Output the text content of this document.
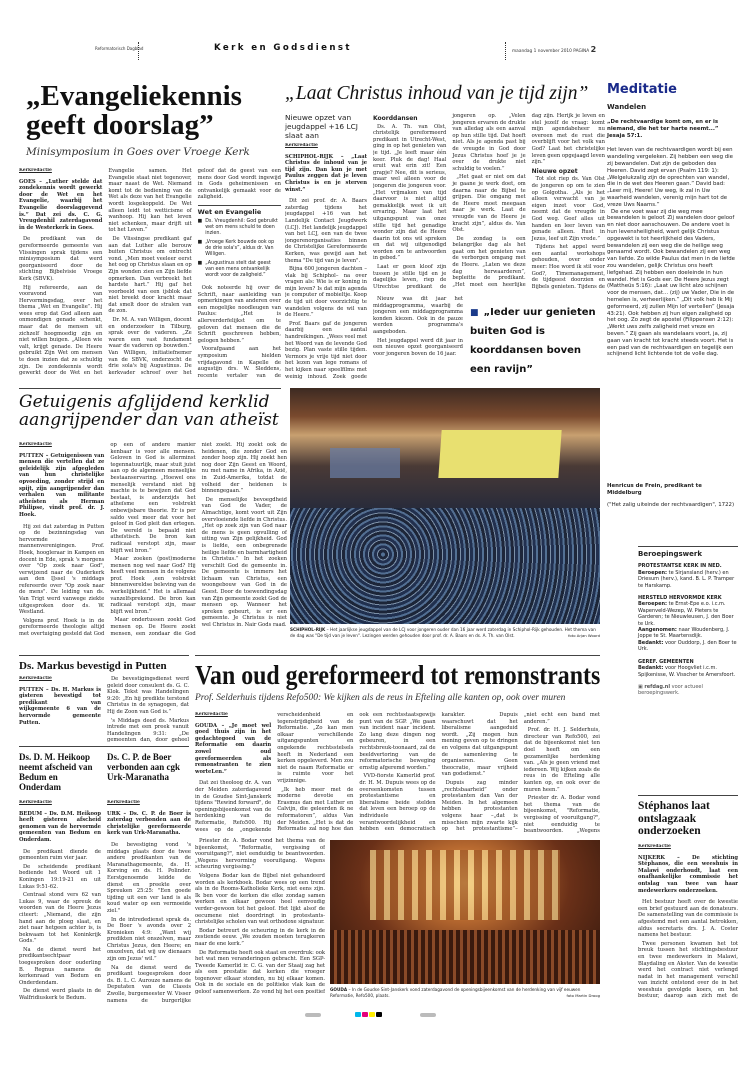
Reformatorisch Dagblad	Kerk en Godsdienst	maandag 1 november 2010 PAGINA 2
„Evangeliekennis geeft doorslag”
Minisymposium in Goes over Vroege Kerk
Kerkredactie

GOES – „Luther stelde dat zondekennis wordt gewerkt door de Wet en het Evangelie, waarbij het Evangelie doorslaggevend is.” Dat zei ds. C. G. Vreugdenhil zaterdagavond in de Westerkerk in Goes.

De predikant van de gereformeerde gemeente van Vlissingen sprak tijdens een minisymposium dat werd georganiseerd door de stichting Bijbelvisie Vroege Kerk (SBVK).

Hij refereerde, aan de vooravond van Hervormingsdag, over het thema „Wet en Evangelie”. Hij wees erop dat God alleen aan onmondigen genade schenkt, maar dat de mensen uit zichzelf hoogmoedig zijn en niet willen buigen. „Alleen wie valt, krijgt genade. De Heere gebruikt Zijn Wet om mensen te doen inzien dat ze schuldig zijn. De zondekennis wordt gewerkt door de Wet en het Evangelie samen. Het Evangelie staat niet tegenover, maar naast de Wet. Niemand komt tot de bediening van de Wet als deze van het Evangelie wordt losgekoppeld. De Wet alleen leidt tot wetticisme of wanhoop. Hij kan het leven niet schenken, maar drijft uit tot het Leven.”

De Vlissingse predikant gaf aan dat Luther alle berouw buiten Christus om ontrecht vond. „Men moet veeleer eerst het oog op Christus slaan en op Zijn wonden zien en Zijn liefde opmerken. Dan verbreekt het hardste hart.” Hij gaf het voorbeeld van een ijsblok dat niet breekt door kracht maar dat smelt door de stralen van de zon.

Dr. M. A. van Willigen, docent en onderzoeker in Tilburg, sprak over de vaderen. „Ze waren een vast fundament waar de vaderen op bouwden.” Van Willigen, initiatiefnemer van de SBVK, onderzocht de drie sola's bij Augustinus. De kerkvader schreef over het geloof dat de geest van een mens door God wordt ingewijd in Gods geheimenissen en ontvankelijk gemaakt voor de zaligheid.

Wet en Evangelie
■ Ds. Vreugdenhil: God gebruikt wet om mens schuld te doen inzien.
■ „Vroege Kerk bouwde ook op de drie sola's”, aldus dr. Van Willigen.
■ „Augustinus stelt dat geest van een mens ontvankelijk wordt voor de zaligheid.”

Ook noteerde hij over de Schrift, naar aanleiding van opmerkingen van anderen over een mogelijke noodleugen van Paulus: „Het is allerverderfelijkst om te geloven dat mensen die de Schrift geschreven hebben, gelogen hebben.”

Voorafgaand aan het symposium hielden vrijdagavond in Kapelle de augustijn drs. W. Sleddens, recente vertaler van de

„Laat Christus inhoud van je tijd zijn”
Nieuwe opzet van jeugdappel +16 LCJ slaat aan
Kerkredactie

SCHIPHOL-RIJK – „Laat Christus de inhoud van je tijd zijn. Dan kun je met Paulus zeggen dat je leven Christus is en je sterven winst.”

Dit zei prof. dr. A. Baars zaterdag tijdens het jeugdappel +16 van het Landelijk Contact Jeugdwerk (LCJ). Het landelijk jeugdappel van het LCJ, een van de twee jongerenorganisaties binnen de Christelijke Gereformeerde Kerken, was gewijd aan het thema "De tijd van je leven".

Bijna 600 jongeren dachten –vlak bij Schiphol– na over vragen als: Wie is er koning in mijn leven? Is dat mijn agenda je computer of mobieltje. Koop de tijd uit door voorzichtig te wandelen volgens de wil van de Heere.”

Prof. Baars gaf de jongeren daarbij een aantal handreikingen. „Wees veel met het Woord van de levende God bezig. Plan vaste stille tijden. Vermors je vrije tijd niet door het lezen van lege romans of het kijken naar speelfilms met weinig inhoud. Zoek goede

Koorddansen

Ds. A. Th. van Olst, christelijk gereformeerd predikant in Utrecht-West, ging in op het genieten van je tijd. „Je leeft maar één keer. Pluk de dag! Haal eruit wat erin zit! Een grapje? Nee, dit is serieus, maar wel alleen voor de jongeren die jongeren voor. „Het vrijmaken van tijd daarvoor is niet altijd gemakkelijk weet ik uit ervaring. Maar laat het uitgangspunt van onze stille tijd het genadige wonder zijn dat de Heere daarin tot ons wil spreken en dat wij uitgenodigd worden om te antwoorden in gebed.”

Laat er geen kloof zijn tussen je stille tijd en je dagelijks leven, riep de Utrechtse predikant de jongeren op. „Velen jongeren ervaren de drukte van alledag als een aanval op hun stille tijd. Dat hoeft niet. Als je agenda past bij de vreugde in God door Jezus Christus hoef je je over de drukte niet schuldig te voelen.”

„Het gaat er niet om dat je gaane je werk doet, om daarna naar de Bijbel te grijpen. Die omgang met de Heere moet meegaan naar je werk. Laat de vreugde van de Heere je kracht zijn”, aldus ds. Van Olst.

De zondag is een belangrijke dag als het gaat om het genieten van de verborgen omgang met de Heere. „Laten we deze dag herwaarderen”, bepleitte de predikant. „Het moet een heerlijke dag zijn. Herijk je leven en stel jezelf de vraag: komt mijn agendabeheer nu overeen met de rust die overblijft voor het volk van God? Laat het christelijke leven geen opgejaagd leven zijn.”

Nieuwe opzet

Tot slot riep ds. Van Olst de jongeren op om te zien op Golgotha. „Als je het alleen verwacht van je eigen inzet voor God, neemt dat de vreugde in God weg. Geef alles uit handen en leer leven van genade alleen. Rust in Jezus, leef uit Zijn vrede.”

Tijdens het appel werd een aantal workshops gehouden, over onder meer: Hoe word ik stil voor God?, Timemanagement, de tijdgeest doorzien en Bijbels genieten. Tijdens de

Nieuw was dit jaar het middagprogramma, waarbij de jongeren een middagprogramma konden kiezen. Ook in de pauze werden programma's aangeboden.

Het jeugdappel werd dit jaar in een nieuwe opzet georganiseerd voor jongeren boven de 16 jaar.

■ „Ieder uur genieten buiten God is koorddansen boven een ravijn”
Meditatie
Wandelen
„De rechtvaardige komt om, en er is niemand, die het ter harte neemt...” Jesaja 57:1.

Het leven van de rechtvaardigen wordt bij een wandeling vergeleken. Zij hebben een weg die zij bewandelen. Dat zijn de geboden des Heeren. David zegt ervan (Psalm 119: 1): „Welgelukzalig zijn de oprechten van wandel, die in de wet des Heeren gaan.” David bad: „Leer mij, Heere! Uw weg, ik zal in Uw waarheid wandelen, verenig mijn hart tot de vreze Uws Naams.”

De ene voet waar zij die weg mee bewandelen is geloof. Zij wandelen door geloof en niet door aanschouwen. De andere voet is hun levensheiligheid, want gelijk Christus opgewekt is tot heerlijkheid des Vaders, bewandelen zij een weg die de heilige weg genaamd wordt. Ook bewandelen zij een weg van liefde. Zo wilde Paulus dat men in de liefde zou wandelen, gelijk Christus ons heeft liefgehad. Zij hebben een doeleinde in hun wandel. Het is Gods eer. De Heere Jezus zegt (Mattheüs 5:16): „Laat uw licht alzo schijnen voor de mensen, dat... (zij) uw Vader, Die in de hemelen is, verheerlijken.” „Dit volk heb Ik Mij geformeerd, zij zullen Mijn lof vertellen” (Jesaja 43:21). Ook hebben zij hun eigen zaligheid op het oog. Zo zegt de apostel (Filippensen 2:12): „Werkt uws zelfs zaligheid met vreze en beven.” Zij gaan als wandelaars voort, ja, zij gaan van kracht tot kracht steeds voort. Het is een pad van de rechtvaardigen en tegelijk een schijnend licht lichtende tot de volle dag.

Henricus de Frein, predikant te Middelburg
("Het zalig uiteinde der rechtvaardigen", 1722)
Getuigenis afglijdend kerklid aangrijpender dan van atheïst
Kerkredactie

PUTTEN – Getuigenissen van mensen die vertellen dat ze geleidelijk zijn afgegleden van hun christelijke opvoeding, zonder strijd en spijt, zijn aangrijpender dan verhalen van militante atheïsten als Herman Philipse, vindt prof. dr. J. Hoek.

Hij zei dat zaterdag in Putten op de bezinningsdag van hervormde mannenverenigingen. Prof. Hoek, hoogleraar in Kampen en docent in Ede, sprak 's morgens over "Op zoek naar God", verwijzend naar de Ouderkerk aan den IJssel 's middags refereerde over "Op zoek naar de mens". De leiding van ds. Van Trigt werd vanwege ziekte uitgesproken door ds. W. Westland.

Volgens prof. Hoek is in de gereformeerde theologie altijd met overtuiging gesteld dat God op een of andere manier kenbaar is voor alle mensen. Geloven in God is allerminst tegennatuurlijk, maar stuit juist aan op de algemeen menselijke bestaanservaring. „Hoewel ons menselijk verstand niet bij machte is te bewijzen dat God bestaat, is anderzijds het atheïsme een volstrekt onbewijsbare theorie. Er is per saldo veel meer dat voor het geloof in God pleit dan ertegen. De wereld is bepaald niet atheïstisch. De bron kan radicaal verstopt zijn, maar blijft wel bron.”

Maar zoeken (post)moderne mensen nog wel naar God? Hij heeft veel mensen in de volgens prof. Hoek ,een volstrekt binnenwereldse beleving van de werkelijkheid.” Het is allemaal vanzelfsprekend. De bron kan radicaal verstopt zijn, maar blijft wel bron.”

Maar ondertussen zoekt God mensen op. De Heere zoekt mensen, een zondaar die God niet zoekt. Hij zoekt ook de heidenen, die zonder God en zonder hoop zijn. Hij zoekt hen nog door Zijn Geest en Woord, nu met name in Afrika, in Azië, in Zuid-Amerika, totdat de volheid der heidenen is binnengegaan.”

De menselijke bevoegdheid van God de Vader, de Almachtige, komt voort uit Zijn overvloeiende liefde in Christus. „Het op zoek zijn van God naar de mens is geen opvulling of uiting van Zijn gelijkheid. God is liefde, een onbegrensde heilige liefde en barmhartigheid in Christus.” In het zoeken verschilt God de gemeente in. De gemeente is immers het lichaam van Christus, een woongebouw van God in de Geest. Door de toewendingsdag van Zijn gemeente zoekt God de mensen op. Wanneer het spreken gebeurt, is er een gemeente. Je Christus is niet wel Christus in. Nair Gods raad.

SCHIPHOL-RIJK – Het jaarlijkse jeugdappel van de LCJ voor jongeren ouder dan 16 jaar werd zaterdag in Schiphol-Rijk gehouden. Het thema van de dag was "De tijd van je leven". Lezingen werden gehouden door prof. dr. A. Baars en ds. A. Th. van Olst.	foto Arjan Woord
Beroepingswerk
PROTESTANTSE KERK IN NED.
Beroepen: te Sirjansland (herv.) en Driesum (herv.), kand. B. L. P. Tramper te Harskamp.
HERSTELD HERVORMDE KERK
Beroepen: te Ernst-Epe e.o. i.c.m. Wapenveld-Wezep, W. Pieters te Garderen; te Nieuwleusen, J. den Boer te Urk.
Aangenomen: naar Woudenberg, J. Joppe te St. Maartensdijk.
Bedankt: voor Ouddorp, J. den Boer te Urk.
GEREF. GEMEENTEN
Bedankt: voor Hoogvliet i.c.m. Spijkenisse, W. Visscher te Amersfoort.
▣ refdag.nl voor actueel beroepingswerk.
Ds. Markus bevestigd in Putten
Kerkredactie

PUTTEN – Ds. H. Markus is gisteren bevestigd tot predikant van wijkgemeente 6 van de hervormde gemeente Putten.

De bevestigingsdienst werd geleid door consulent ds. G. C. Klok. Tekst was Handelingen 9:20: „En hij predikte terstond Christus in de synagogen, dat Hij de Zoon van God is.”

's Middags deed ds. Markus intrede met een preek vanuit Handelingen 9:31: „De gemeenten dan, door geheel

Ds. D. M. Heikoop neemt afscheid van Bedum en Onderdam
Kerkredactie

BEDUM – Ds. D.M. Heikoop heeft gisteren afscheid genomen van de hervormde gemeenten van Bedum en Onderdam.

De predikant diende de gemeenten ruim vier jaar.

De scheidende predikant bediende het Woord uit 1 Koningen 19:19-21 en uit Lukas 9:51-62.

Centraal stond vers 62 van Lukas 9, waar de spreuk de woorden van de Heere Jezus citeert: „Niemand, die zijn hand aan de ploeg slaat, en ziet naar hetgeen achter is, is bekwaam tot het Koninkrijk Gods.”

Na de dienst werd het predikantsechtpaar toegesproken door ouderling B. Regnus namens de kerkenraad van Bedum en Onderdendam.

De dienst werd plaats in de Walfridiuskerk te Bedum.

Ds. C. P. de Boer verbonden aan cgk Urk-Maranatha
Kerkredactie

URK – Ds. C. P. de Boer is zaterdag verbonden aan de christelijke gereformeerde kerk van Urk-Maranatha.

De bevestiging vond 's middags plaats door de twee andere predikanten van de Maranathagemeente, ds. H. Korving en ds. H. Polinder. Eerstgenoemde leidde de dienst en preekte over Spreuken 25:25: "Een goede tijding uit een ver land is als koud water op een vermoeide ziel."

In de intrededienst sprak ds. De Boer 's avonds over 2 Kronieken 4:9: „Want wij predikten niet onszelven, maar Christus Jezus, den Heere; en onszelven, dat wij uw dienaars zijn om Jezus' wil.”

Na de dienst werd de predikant toegesproken door ds. B. L. C. Aurouze namens de Deputaten van de Classis Zwolle, burgemeester W. Visser namens de burgerlijke

Van oud gereformeerd tot remonstrants
Prof. Selderhuis tijdens Refo500: We kijken als de reus in Efteling alle kanten op, ook over muren
Kerkredactie

GOUDA – „Je moet wel goed thuis zijn in het gedachtegoed van de Reformatie om daarin zowel oud gereformeerden als remonstranten te zien worteLen.”

Dat zei theoloog dr. A. van der Meiden zaterdagavond in de Goudse Sint-Janskerk tijdens "Rewind forward", de openingsbijeenkomst van de herdenking van de Reformatie, Refo500. Hij wees op de „ongekende verscheidenheid en tegenstrijdigheid van de Reformatie. „Zo kan men olkaar verschillende uitgangspunten en ongekende rechtsstelsels heeft in Nederland een kerken opgeleverd. Men zou niet de naam Reformatie er is ruimte voor het vrijzinnige.

„Ik heb meer met de moderne devotie en Erasmus dan met Luther en Calvijn, die geleerden ik ne reformatoren”, aldus Van der Meiden. „Het is dat de Reformatie zal nog hoe dan ook een rechtsstaatsgewijs punt van de SGP. „We gaan van incident naar incident. Zo lang deze dingen nog gebeuren, in een rechtsbreuk-toonaard, zal de beeldvertoring van de reformatorische beweging ernstig afgeremd worden.”

VVD-fiorste Kamerlid prof. dr. H. M. Dupuis wees op de overeenkomsten tussen protestantisme en liberalisme beide stelden dat leven een beroep op de individuele verantwoordelijkheid en hebben een democratisch karakter. Dupuis waarschuwt dat het liberalisme aangeduid wordt. „Zij mogen hun mening geven op te dringen en volgens dat uitgangspunt de samenleving te organiseren. Geen theocratie, maar vrijheid van godsdienst.”

Dupuis zag minder „rechtsbaarheid” onder protestanten dan Van der Meiden. In het algemeen hebben protestanten volgens haar –„dat is misschien mijn zwarte kijk op het protestantisme”– „niet echt een band met anderen.”

Prof. dr. H. J. Selderhuis, directeur van Refo500, zei dat de bijeenkomst niet ten doel heeft om een gezamenlijke herdenking van. „Als je geen vriend met iedereen. Wij kijken zoals de reus in de Efteling alle kanten op, en ook over de muren heen.”

Priester dr. A. Bodar vond het thema van de bijeenkomst, "Reformatie, vergissing of vooruitgang?", niet eenduidig te beantwoorden. „Wegens

Priester dr. A. Bodar vond het thema van de bijeenkomst, "Reformatie, vergissing of vooruitgang?", niet eenduidig te beantwoorden. „Wegens hervorming vooruitgang. Wegens scheuring vergissing.”

Volgens Bodar kan de Bijbel niet gehandeerd worden als kerkboek. Bodar wees op een trend als in de Rooms-Katholieke Kerk, niet eens zijn. Ik ben voor de kerken die elke zondag samen werken en elkaar gewoon heel eenvoudig verder-gewoon tot het geloof. Het lijkt alsof de oecumene niet doordringt in protestants-christelijke scholen van wat orthodoxe signatuur.

Bodar betreurt de scheuring in de kerk in de zestiende eeuw. „We zouden moeten terugkeren naar de ene kerk.”

De Reformatie heeft ook staat en overdruk: ook het wat men veranderingen gebracht. Een SGP-Tweede Kamerlid ir. C. G. van der Staaij zag het als een prestatie dat kerken die vroeger tegenover elkaar stonden, nu bij elkaar komen. Ook in de sociale en de politieke vlak kan de geloof samenwerken. Zo vond hij het een positief	GOUDA – In de Goudse Sint-Janskerk vond zaterdagavond de openingsbijeenkomst van de herdenking van vijf eeuwen Reformatie, Refo500, plaats.	foto Martin Droog
Stéphanos laat ontslagzaak onderzoeken
Kerkredactie

NIJKERK – De stichting Stéphanos, die een weeshuis in Malawi onderhoudt, laat een onafhankelijke commissie het ontslag van twee van haar medewerkers onderzoeken.

Het bestuur heeft over de kwestie een brief gestuurd aan de donateurs. De samenstelling van de commissie is afgestemd met een aantal betrokken, aldus secretaris drs. J. A. Coster namens het bestuur.

Twee personen kwamen het tot breuk tussen het stichtingsbestuur en twee medewerkers in Malawi, Blaydaling en Akster. Van de kwestie werd het contract niet verlengd nadat in het management verschil van inzicht ontstond over de in het weeshuis gevolgde koers, en het bestuur, daarop aan zich met de
